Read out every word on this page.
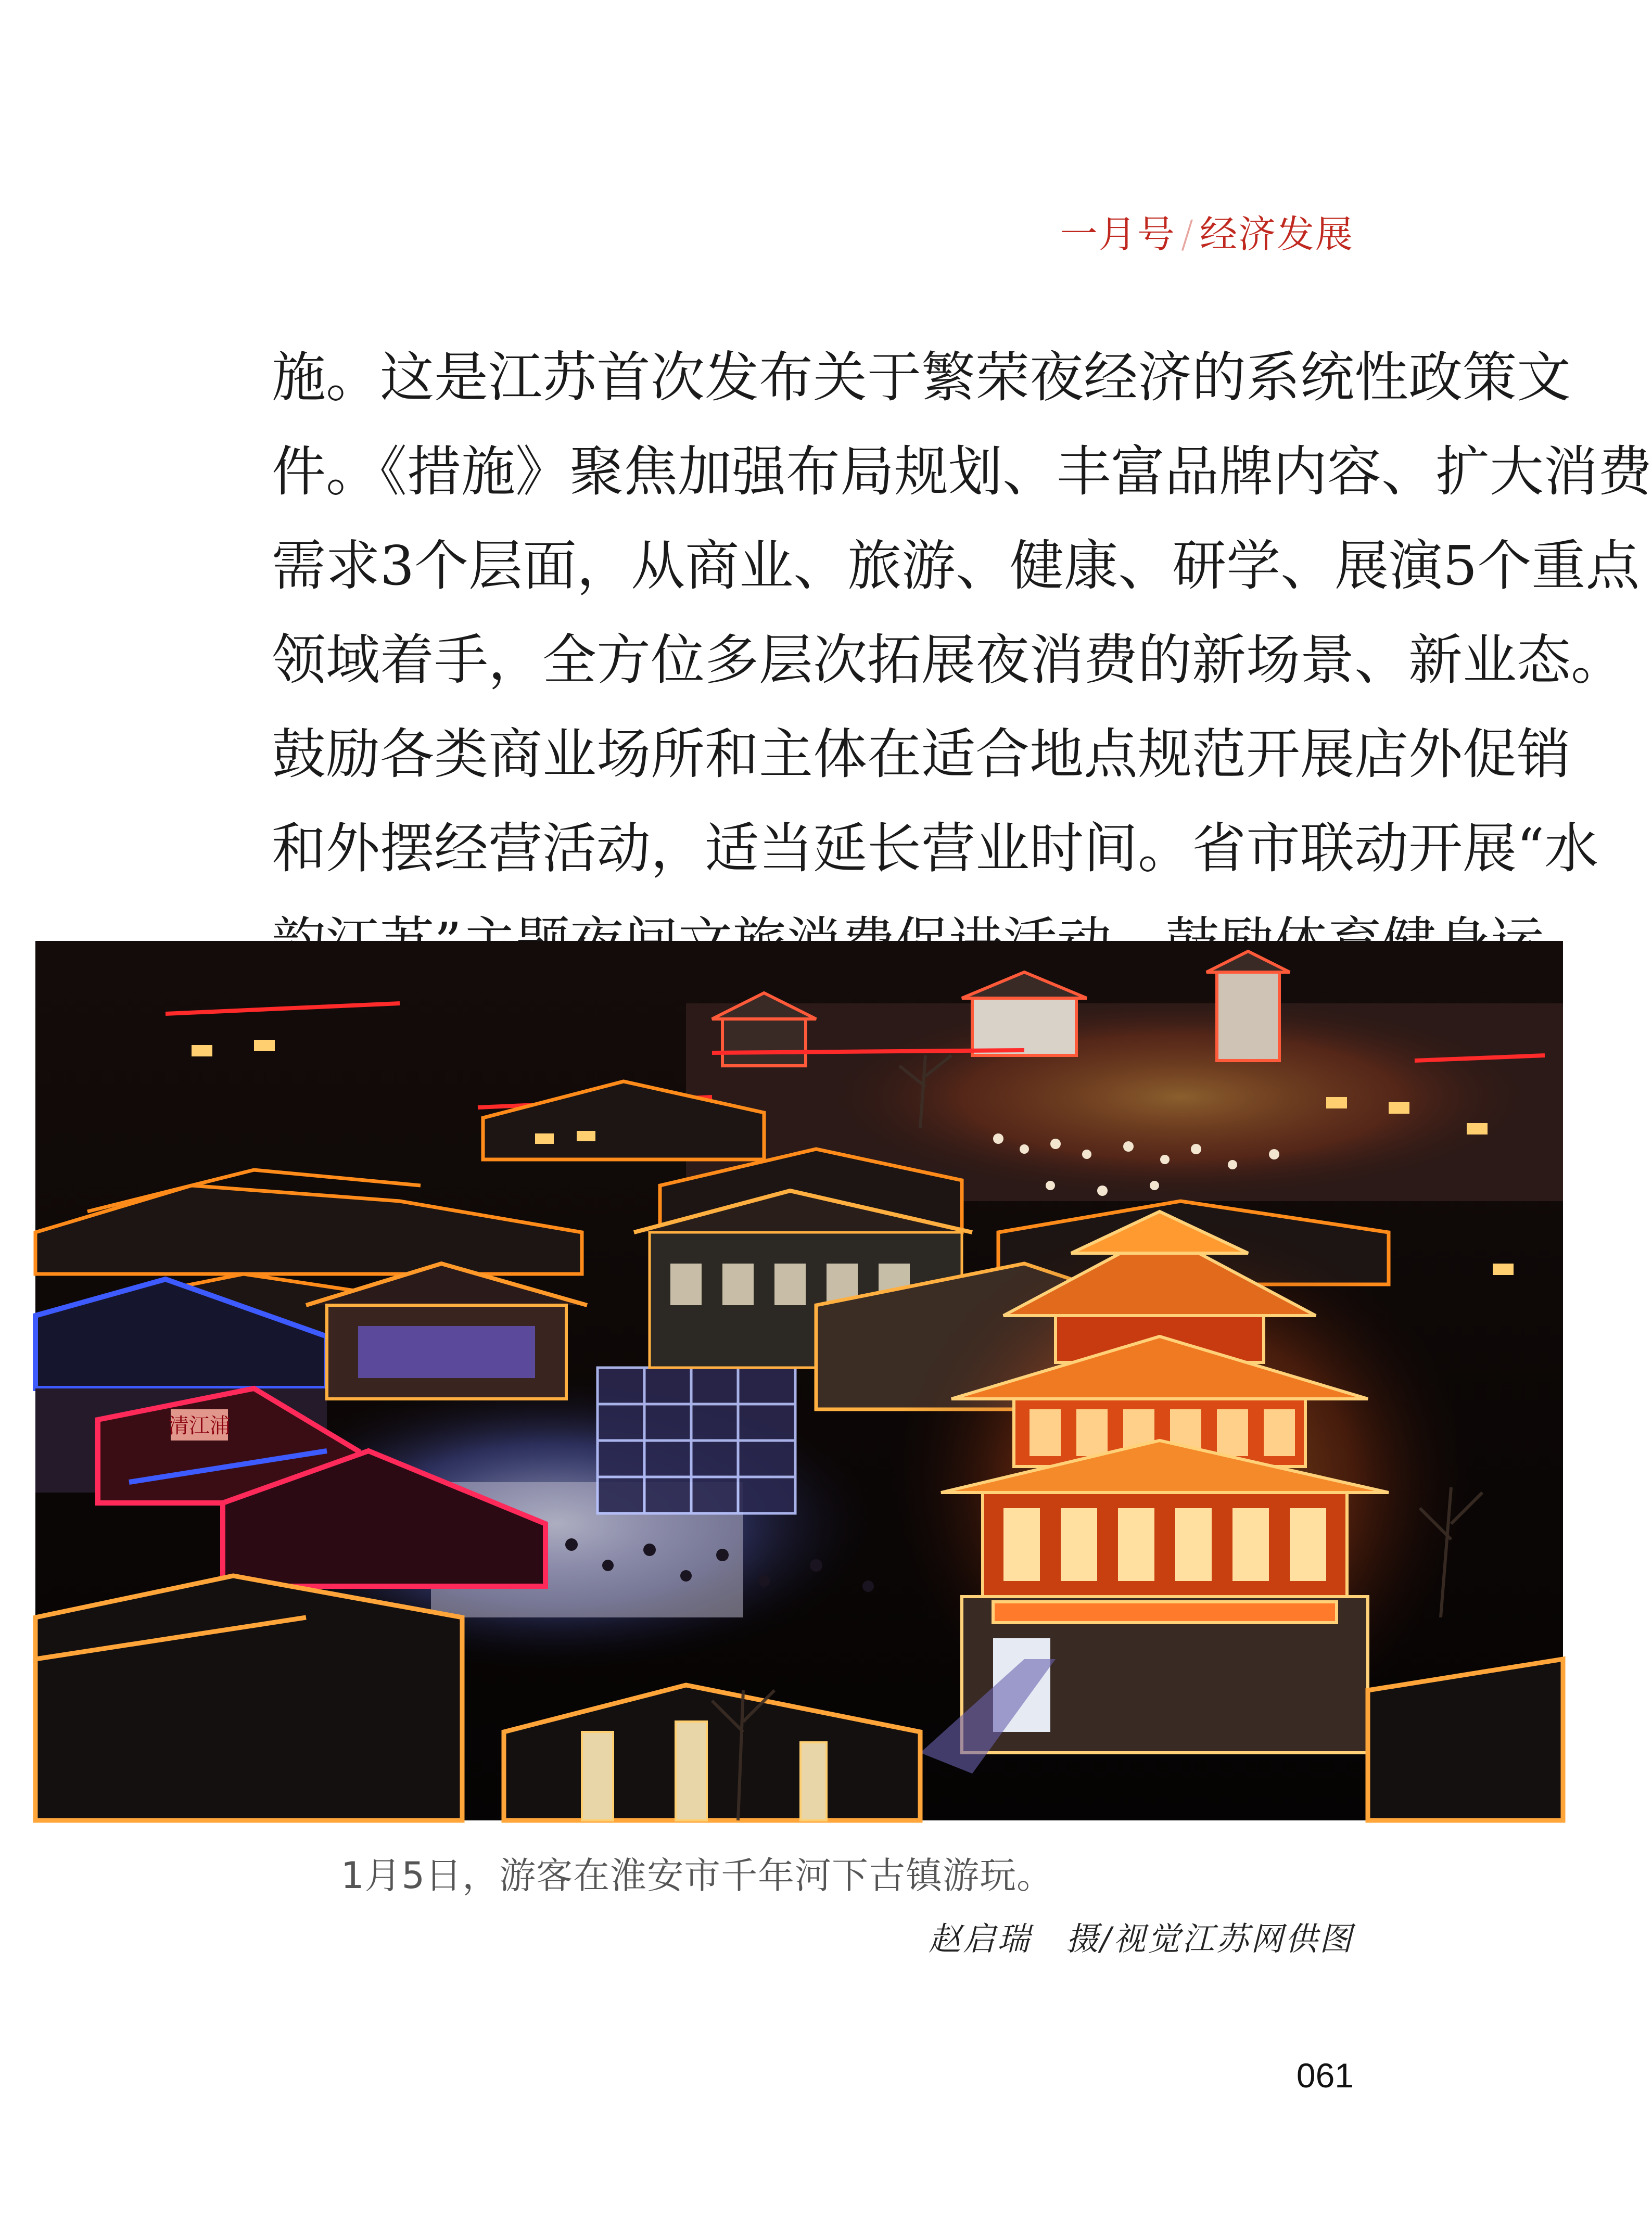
一月号 / 经济发展
施。这是江苏首次发布关于繁荣夜经济的系统性政策文
件。《措施》聚焦加强布局规划、丰富品牌内容、扩大消费
需求3个层面，从商业、旅游、健康、研学、展演5个重点
领域着手，全方位多层次拓展夜消费的新场景、新业态。
鼓励各类商业场所和主体在适合地点规范开展店外促销
和外摆经营活动，适当延长营业时间。省市联动开展“水
清江浦
1月5日，游客在淮安市千年河下古镇游玩。
赵启瑞　摄/视觉江苏网供图
061
